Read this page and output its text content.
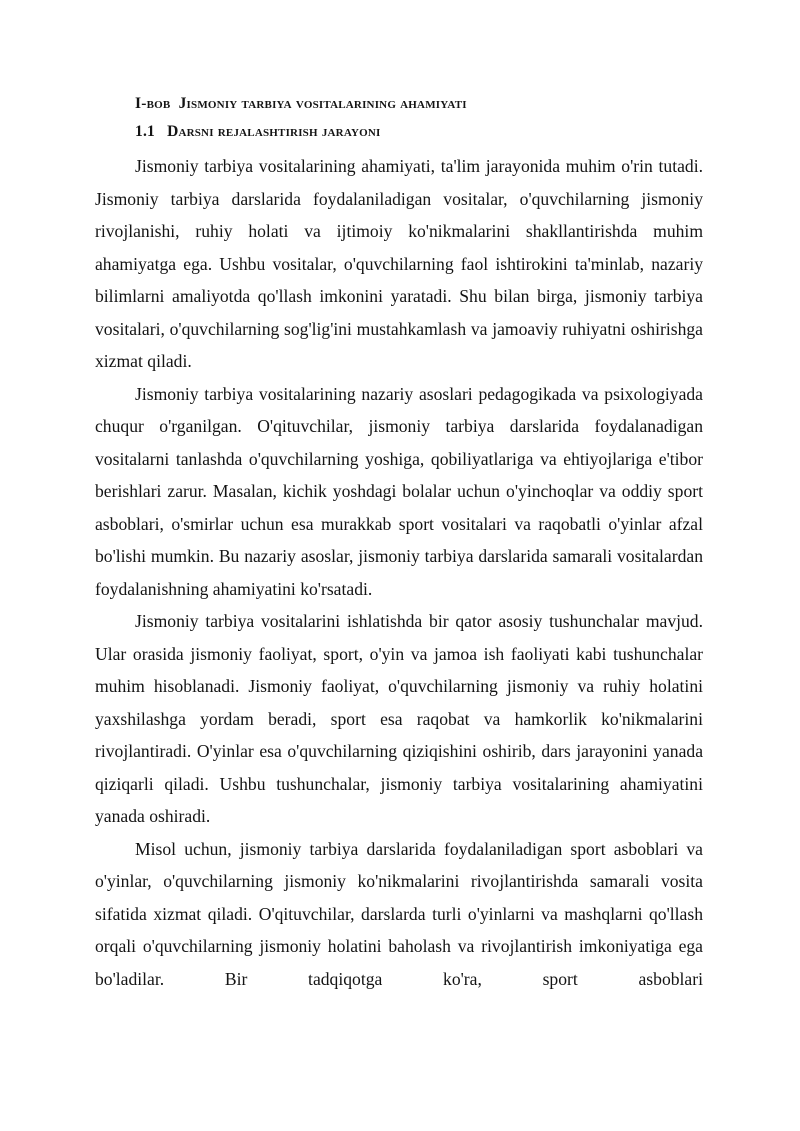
I-bob Jismoniy tarbiya vositalarining ahamiyati
1.1 Darsni rejalashtirish jarayoni

Jismoniy tarbiya vositalarining ahamiyati, ta'lim jarayonida muhim o'rin tutadi. Jismoniy tarbiya darslarida foydalaniladigan vositalar, o'quvchilarning jismoniy rivojlanishi, ruhiy holati va ijtimoiy ko'nikmalarini shakllantirishda muhim ahamiyatga ega. Ushbu vositalar, o'quvchilarning faol ishtirokini ta'minlab, nazariy bilimlarni amaliyotda qo'llash imkonini yaratadi. Shu bilan birga, jismoniy tarbiya vositalari, o'quvchilarning sog'lig'ini mustahkamlash va jamoaviy ruhiyatni oshirishga xizmat qiladi.

Jismoniy tarbiya vositalarining nazariy asoslari pedagogikada va psixologiyada chuqur o'rganilgan. O'qituvchilar, jismoniy tarbiya darslarida foydalanadigan vositalarni tanlashda o'quvchilarning yoshiga, qobiliyatlariga va ehtiyojlariga e'tibor berishlari zarur. Masalan, kichik yoshdagi bolalar uchun o'yinchoqlar va oddiy sport asboblari, o'smirlar uchun esa murakkab sport vositalari va raqobatli o'yinlar afzal bo'lishi mumkin. Bu nazariy asoslar, jismoniy tarbiya darslarida samarali vositalardan foydalanishning ahamiyatini ko'rsatadi.

Jismoniy tarbiya vositalarini ishlatishda bir qator asosiy tushunchalar mavjud. Ular orasida jismoniy faoliyat, sport, o'yin va jamoa ish faoliyati kabi tushunchalar muhim hisoblanadi. Jismoniy faoliyat, o'quvchilarning jismoniy va ruhiy holatini yaxshilashga yordam beradi, sport esa raqobat va hamkorlik ko'nikmalarini rivojlantiradi. O'yinlar esa o'quvchilarning qiziqishini oshirib, dars jarayonini yanada qiziqarli qiladi. Ushbu tushunchalar, jismoniy tarbiya vositalarining ahamiyatini yanada oshiradi.

Misol uchun, jismoniy tarbiya darslarida foydalaniladigan sport asboblari va o'yinlar, o'quvchilarning jismoniy ko'nikmalarini rivojlantirishda samarali vosita sifatida xizmat qiladi. O'qituvchilar, darslarda turli o'yinlarni va mashqlarni qo'llash orqali o'quvchilarning jismoniy holatini baholash va rivojlantirish imkoniyatiga ega bo'ladilar. Bir tadqiqotga ko'ra, sport asboblari
